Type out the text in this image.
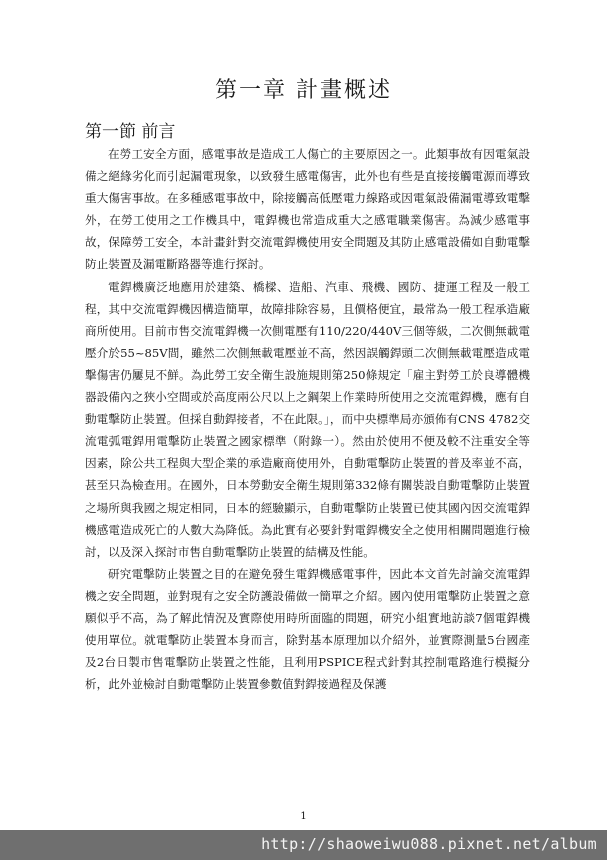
第一章 計畫概述
第一節 前言

在勞工安全方面，感電事故是造成工人傷亡的主要原因之一。此類事故有因電氣設備之絕緣劣化而引起漏電現象，以致發生感電傷害，此外也有些是直接接觸電源而導致重大傷害事故。在多種感電事故中，除接觸高低壓電力線路或因電氣設備漏電導致電擊外，在勞工使用之工作機具中，電銲機也常造成重大之感電職業傷害。為減少感電事故，保障勞工安全，本計畫針對交流電銲機使用安全問題及其防止感電設備如自動電擊防止裝置及漏電斷路器等進行探討。

電銲機廣泛地應用於建築、橋樑、造船、汽車、飛機、國防、捷運工程及一般工程，其中交流電銲機因構造簡單，故障排除容易，且價格便宜，最常為一般工程承造廠商所使用。目前市售交流電銲機一次側電壓有110/220/440V三個等級，二次側無載電壓介於55~85V間，雖然二次側無載電壓並不高，然因誤觸銲頭二次側無載電壓造成電擊傷害仍屢見不鮮。為此勞工安全衛生設施規則第250條規定「雇主對勞工於良導體機器設備內之狹小空間或於高度兩公尺以上之鋼架上作業時所使用之交流電銲機，應有自動電擊防止裝置。但採自動銲接者，不在此限。」，而中央標準局亦頒佈有CNS 4782交流電弧電銲用電擊防止裝置之國家標準（附錄一）。然由於使用不便及較不注重安全等因素，除公共工程與大型企業的承造廠商使用外，自動電擊防止裝置的普及率並不高，甚至只為檢查用。在國外，日本勞動安全衛生規則第332條有關裝設自動電擊防止裝置之場所與我國之規定相同，日本的經驗顯示，自動電擊防止裝置已使其國內因交流電銲機感電造成死亡的人數大為降低。為此實有必要針對電銲機安全之使用相關問題進行檢討，以及深入探討市售自動電擊防止裝置的結構及性能。

研究電擊防止裝置之目的在避免發生電銲機感電事件，因此本文首先討論交流電銲機之安全問題，並對現有之安全防護設備做一簡單之介紹。國內使用電擊防止裝置之意願似乎不高，為了解此情況及實際使用時所面臨的問題，研究小組實地訪談7個電銲機使用單位。就電擊防止裝置本身而言，除對基本原理加以介紹外，並實際測量5台國產及2台日製市售電擊防止裝置之性能，且利用PSPICE程式針對其控制電路進行模擬分析，此外並檢討自動電擊防止裝置參數值對銲接過程及保護

1
http://shaoweiwu088.pixnet.net/album
